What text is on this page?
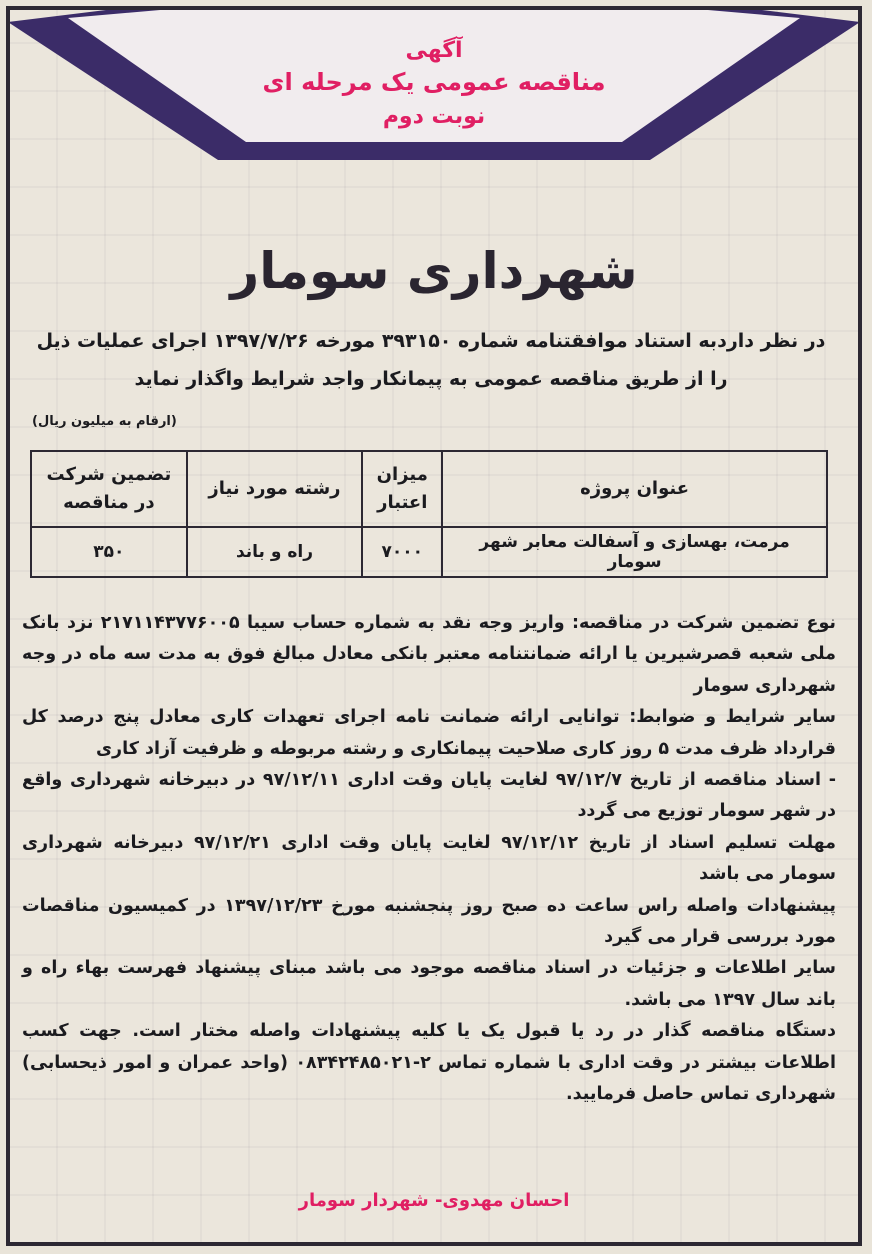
آگهی
مناقصه عمومی یک مرحله ای
نوبت دوم
شهرداری سومار
در نظر داردبه استناد موافقتنامه شماره ۳۹۳۱۵۰ مورخه ۱۳۹۷/۷/۲۶ اجرای عملیات ذیل را از طریق مناقصه عمومی به پیمانکار واجد شرایط واگذار نماید
(ارقام به میلیون ریال)
عنوان پروژه	میزان اعتبار	رشته مورد نیاز	تضمین شرکت در مناقصه
مرمت، بهسازی و آسفالت معابر شهر سومار	۷۰۰۰	راه و باند	۳۵۰

نوع تضمین شرکت در مناقصه: واریز وجه نقد به شماره حساب سیبا ۲۱۷۱۱۴۳۷۷۶۰۰۵ نزد بانک ملی شعبه قصرشیرین یا ارائه ضمانتنامه معتبر بانکی معادل مبالغ فوق به مدت سه ماه در وجه شهرداری سومار

سایر شرایط و ضوابط: توانایی ارائه ضمانت نامه اجرای تعهدات کاری معادل پنج درصد کل قرارداد ظرف مدت ۵ روز کاری صلاحیت پیمانکاری و رشته مربوطه و ظرفیت آزاد کاری

- اسناد مناقصه از تاریخ ۹۷/۱۲/۷ لغایت پایان وقت اداری ۹۷/۱۲/۱۱ در دبیرخانه شهرداری واقع در شهر سومار توزیع می گردد

مهلت تسلیم اسناد از تاریخ ۹۷/۱۲/۱۲ لغایت پایان وقت اداری ۹۷/۱۲/۲۱ دبیرخانه شهرداری سومار می باشد

پیشنهادات واصله راس ساعت ده صبح روز پنجشنبه مورخ ۱۳۹۷/۱۲/۲۳ در کمیسیون مناقصات مورد بررسی قرار می گیرد

سایر اطلاعات و جزئیات در اسناد مناقصه موجود می باشد مبنای پیشنهاد فهرست بهاء راه و باند سال ۱۳۹۷ می باشد.

دستگاه مناقصه گذار در رد یا قبول یک یا کلیه پیشنهادات واصله مختار است. جهت کسب اطلاعات بیشتر در وقت اداری با شماره تماس ۲-۰۸۳۴۲۴۸۵۰۲۱ (واحد عمران و امور ذیحسابی) شهرداری تماس حاصل فرمایید.

احسان مهدوی- شهردار سومار
